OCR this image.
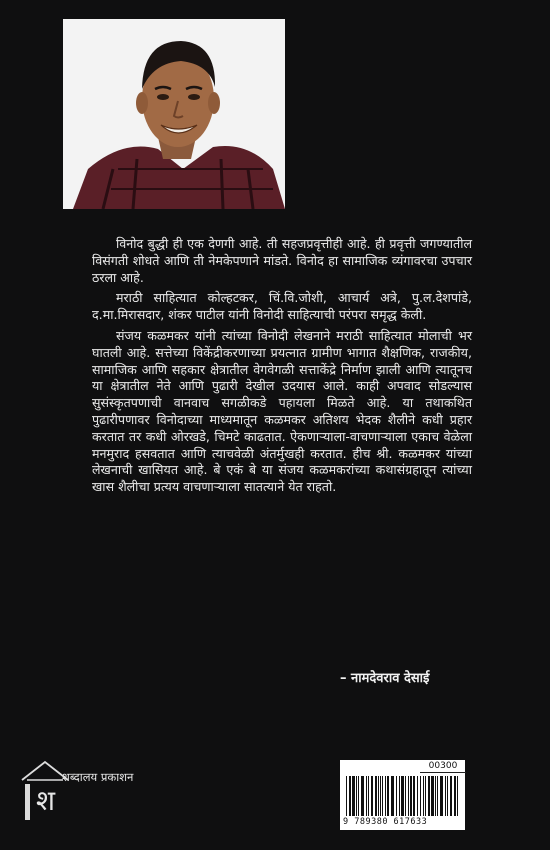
विनोद बुद्धी ही एक देणगी आहे. ती सहजप्रवृत्तीही आहे. ही प्रवृत्ती जगण्यातील विसंगती शोधते आणि ती नेमकेपणाने मांडते. विनोद हा सामाजिक व्यंगावरचा उपचार ठरला आहे.

मराठी साहित्यात कोल्हटकर, चिं.वि.जोशी, आचार्य अत्रे, पु.ल.देशपांडे, द.मा.मिरासदार, शंकर पाटील यांनी विनोदी साहित्याची परंपरा समृद्ध केली.

संजय कळमकर यांनी त्यांच्या विनोदी लेखनाने मराठी साहित्यात मोलाची भर घातली आहे. सत्तेच्या विकेंद्रीकरणाच्या प्रयत्नात ग्रामीण भागात शैक्षणिक, राजकीय, सामाजिक आणि सहकार क्षेत्रातील वेगवेगळी सत्ताकेंद्रे निर्माण झाली आणि त्यातूनच या क्षेत्रातील नेते आणि पुढारी देखील उदयास आले. काही अपवाद सोडल्यास सुसंस्कृतपणाची वानवाच सगळीकडे पहायला मिळते आहे. या तथाकथित पुढारीपणावर विनोदाच्या माध्यमातून कळमकर अतिशय भेदक शैलीने कधी प्रहार करतात तर कधी ओरखडे, चिमटे काढतात. ऐकणाऱ्याला-वाचणाऱ्याला एकाच वेळेला मनमुराद हसवतात आणि त्याचवेळी अंतर्मुखही करतात. हीच श्री. कळमकर यांच्या लेखनाची खासियत आहे. बे एकं बे या संजय कळमकरांच्या कथासंग्रहातून त्यांच्या खास शैलीचा प्रत्यय वाचणाऱ्याला सातत्याने येत राहतो.

– नामदेवराव देसाई
श
शब्दालय प्रकाशन
00300
9 789380 617633
